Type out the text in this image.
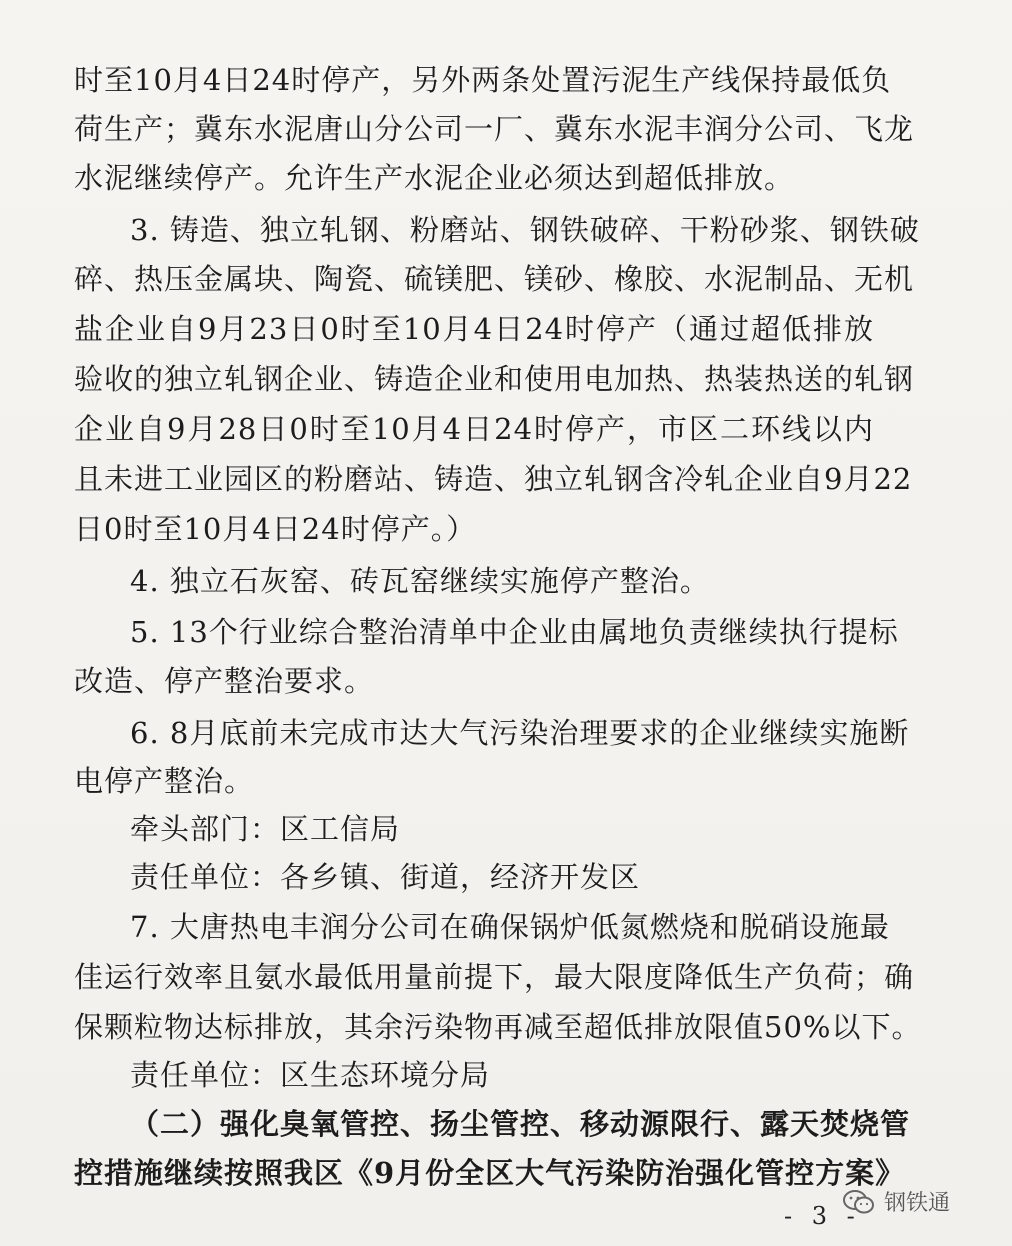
时至10月4日24时停产，另外两条处置污泥生产线保持最低负
荷生产；冀东水泥唐山分公司一厂、冀东水泥丰润分公司、飞龙
水泥继续停产。允许生产水泥企业必须达到超低排放。
3. 铸造、独立轧钢、粉磨站、钢铁破碎、干粉砂浆、钢铁破
碎、热压金属块、陶瓷、硫镁肥、镁砂、橡胶、水泥制品、无机
盐企业自9月23日0时至10月4日24时停产（通过超低排放
验收的独立轧钢企业、铸造企业和使用电加热、热装热送的轧钢
企业自9月28日0时至10月4日24时停产，市区二环线以内
且未进工业园区的粉磨站、铸造、独立轧钢含冷轧企业自9月22
日0时至10月4日24时停产。）
4. 独立石灰窑、砖瓦窑继续实施停产整治。
5. 13个行业综合整治清单中企业由属地负责继续执行提标
改造、停产整治要求。
6. 8月底前未完成市达大气污染治理要求的企业继续实施断
电停产整治。
牵头部门：区工信局
责任单位：各乡镇、街道，经济开发区
7. 大唐热电丰润分公司在确保锅炉低氮燃烧和脱硝设施最
佳运行效率且氨水最低用量前提下，最大限度降低生产负荷；确
保颗粒物达标排放，其余污染物再减至超低排放限值50%以下。
责任单位：区生态环境分局
（二）强化臭氧管控、扬尘管控、移动源限行、露天焚烧管
控措施继续按照我区《9月份全区大气污染防治强化管控方案》
钢铁通
- 3 -
